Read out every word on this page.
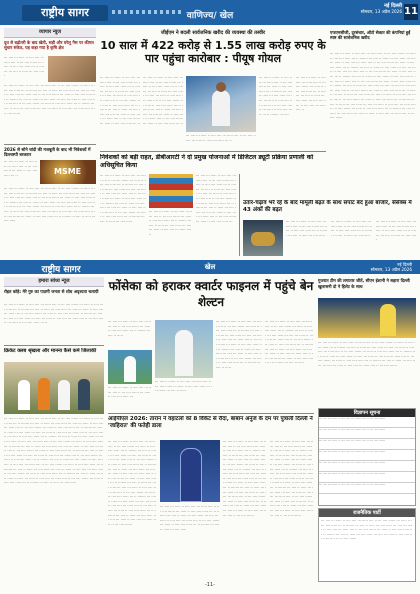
राष्ट्रीय सागर	वाणिज्य/ खेल
नई दिल्ली
सोमवार, 13 अप्रैल 2026 11
व्यापार न्यूज
दूध से बढ़ोतरी के बाद खेती, सड़ी और घरेलू गैस पर कीमत सुधार संकेत, यह कहा गया है कृषि क्षेत्र
··· ···· ··· ····· ·· ···· ···· ··· ····· ···· ·· ··· ···· ······ ··· ····· ·· ···· ···· ····· ··· ·· ······· ··· ···· ·· ····· ··· ···· ·····
··· ···· ··· ····· ·· ···· ···· ··· ····· ···· ·· ··· ···· ······ ··· ····· ·· ···· ···· ····· ··· ·· ······· ··· ···· ·· ····· ··· ···· ····· ··· ···· ··· ····· ·· ···· ···· ··· ····· ···· ·· ··· ···· ······ ··· ····· ·· ···· ···· ····· ··· ·· ······· ··· ···· ·· ····· ··· ···· ····· ··· ···· ··· ····· ·· ···· ···· ··· ····· ···· ·· ··· ···· ······ ··· ····· ·· ···· ···· ····· ··· ·· ······· ··· ···· ·· ····· ··· ···· ····· ··· ···· ··· ····· ·· ···· ···· ··· ····· ···· ·· ··· ···· ······
2026 से सोने चांदी की मजबूती के बाद भी निवेशकों में दिलचस्पी बरकरार
MSME
··· ···· ··· ····· ·· ···· ···· ··· ····· ···· ·· ··· ···· ······ ··· ····· ·· ···· ···· ····· ··· ··
··· ···· ··· ····· ·· ···· ···· ··· ····· ···· ·· ··· ···· ······ ··· ····· ·· ···· ···· ····· ··· ·· ······· ··· ···· ·· ····· ··· ···· ····· ··· ···· ··· ····· ·· ···· ···· ··· ····· ···· ·· ··· ···· ······ ··· ····· ·· ···· ···· ····· ··· ·· ······· ··· ···· ·· ····· ··· ···· ····· ··· ···· ··· ····· ·· ···· ···· ··· ····· ···· ·· ··· ···· ······ ··· ····· ·· ···· ···· ····· ··· ·· ······· ··· ···· ·· ····· ··· ···· ····· ··· ···· ··· ····· ·· ···· ···· ··· ····· ···· ·· ··· ···· ······ ··· ····· ·· ···· ···· ····· ··· ·· ······· ··· ···· ·· ····· ··· ···· ·····
जीईएम ने बदली सार्वजनिक खरीद की व्यवस्था की तस्वीर
10 साल में 422 करोड़ से 1.55 लाख करोड़ रुपए के पार पहुंचा कारोबार : पीयूष गोयल
··· ···· ··· ····· ·· ···· ···· ··· ····· ···· ·· ··· ···· ······ ··· ····· ·· ···· ···· ····· ··· ·· ······· ··· ···· ·· ····· ··· ···· ····· ··· ···· ··· ····· ·· ···· ···· ··· ····· ···· ·· ··· ···· ······ ··· ····· ·· ···· ···· ····· ··· ·· ······· ··· ···· ·· ····· ··· ···· ····· ··· ···· ··· ····· ·· ···· ···· ··· ····· ···· ·· ··· ···· ······ ··· ····· ·· ···· ···· ····· ··· ··
··· ···· ··· ····· ·· ···· ···· ··· ····· ···· ·· ··· ···· ······ ··· ····· ·· ···· ···· ····· ··· ·· ······· ··· ···· ·· ····· ··· ···· ····· ··· ···· ··· ····· ·· ···· ···· ··· ····· ···· ·· ··· ···· ······ ··· ····· ·· ···· ···· ····· ··· ·· ······· ··· ···· ·· ····· ··· ···· ····· ··· ···· ··· ····· ·· ···· ···· ··· ····· ···· ·· ··· ···· ······ ··· ····· ·· ···· ···· ····· ··· ··
··· ···· ··· ····· ·· ···· ···· ··· ····· ···· ·· ··· ···· ······ ··· ····· ·· ···· ···· ····· ··· ··
··· ···· ··· ····· ·· ···· ···· ··· ····· ···· ·· ··· ···· ······ ··· ····· ·· ···· ···· ····· ··· ·· ······· ··· ···· ·· ····· ··· ···· ····· ··· ···· ··· ····· ·· ···· ···· ··· ····· ···· ·· ··· ···· ······ ··· ····· ·· ···· ···· ····· ··· ·· ······· ··· ····
··· ···· ··· ····· ·· ···· ···· ··· ····· ···· ·· ··· ···· ······ ··· ····· ·· ···· ···· ····· ··· ·· ······· ··· ···· ·· ····· ··· ···· ····· ··· ···· ··· ····· ·· ···· ···· ··· ····· ···· ··
एफएमसीजी, दूरसंचार, ऑटो सेक्टर की कंपनियां हुईं स्पष्ट की सार्वजनिक खरीद
··· ···· ··· ····· ·· ···· ···· ··· ····· ···· ·· ··· ···· ······ ··· ····· ·· ···· ···· ····· ··· ·· ······· ··· ···· ·· ····· ··· ···· ····· ··· ···· ··· ····· ·· ···· ···· ··· ····· ···· ·· ··· ···· ······ ··· ····· ·· ···· ···· ····· ··· ·· ······· ··· ···· ·· ····· ··· ···· ····· ··· ···· ··· ····· ·· ···· ···· ··· ····· ···· ·· ··· ···· ······ ··· ····· ·· ···· ···· ····· ··· ·· ······· ··· ···· ·· ····· ··· ···· ····· ··· ···· ··· ····· ·· ···· ···· ··· ····· ···· ·· ··· ···· ······ ··· ····· ·· ···· ···· ····· ··· ·· ······· ··· ···· ·· ····· ··· ···· ····· ··· ···· ··· ····· ·· ···· ···· ··· ····· ···· ·· ··· ···· ······ ··· ····· ·· ···· ···· ····· ··· ·· ······· ··· ···· ·· ····· ··· ···· ····· ··· ···· ··· ····· ·· ···· ···· ··· ····· ···· ·· ··· ···· ······ ··· ····· ·· ···· ···· ····· ··· ·· ······· ··· ···· ·· ····· ··· ···· ····· ··· ···· ··· ····· ·· ···· ···· ··· ····· ···· ·· ··· ···· ······ ··· ····· ·· ···· ···· ····· ··· ·· ······· ··· ···· ·· ····· ··· ···· ····· ··· ···· ··· ····· ·· ···· ···· ··· ····· ···· ·· ··· ···· ······
निवेशकों को बड़ी राहत, डीबीआरटी ने दो प्रमुख योजनाओं में डिजिटल ड्यूटी प्रक्रिया प्रणाली को अधिसूचित किया
··· ···· ··· ····· ·· ···· ···· ··· ····· ···· ·· ··· ···· ······ ··· ····· ·· ···· ···· ····· ··· ·· ······· ··· ···· ·· ····· ··· ···· ····· ··· ···· ··· ····· ·· ···· ···· ··· ····· ···· ·· ··· ···· ······ ··· ····· ·· ···· ···· ····· ··· ·· ······· ··· ···· ·· ····· ··· ···· ····· ··· ···· ··· ····· ·· ···· ···· ··· ····· ···· ·· ··· ···· ······ ··· ····· ·· ···· ···· ····· ··· ·· ······· ··· ···· ·· ····· ··· ···· ·····
··· ···· ··· ····· ·· ···· ···· ··· ····· ···· ·· ··· ···· ······ ··· ····· ·· ···· ···· ····· ··· ·· ······· ··· ···· ·· ····· ··· ···· ····· ··· ···· ··· ····· ·· ···· ···· ··· ····· ···· ··
··· ···· ··· ····· ·· ···· ···· ··· ····· ···· ·· ··· ···· ······ ··· ····· ·· ···· ···· ····· ··· ·· ······· ··· ···· ·· ····· ··· ···· ····· ··· ···· ··· ····· ·· ···· ···· ··· ····· ···· ·· ··· ···· ······ ··· ····· ·· ···· ···· ····· ··· ·· ······· ··· ···· ·· ····· ··· ···· ····· ··· ···· ··· ····· ·· ···· ···· ··· ····· ···· ·· ··· ···· ······ ··· ····· ·· ···· ···· ····· ···
उतार-चढ़ाव भरे रहे के बाद मामूली बढ़त के साथ सपाट बंद हुआ बाजार, सेंसेक्स में 43 अंकों की बढ़त
··· ···· ··· ····· ·· ···· ···· ··· ····· ···· ·· ··· ···· ······ ··· ····· ·· ···· ···· ····· ··· ·· ······· ··· ···· ·· ····· ··· ···· ·····
··· ···· ··· ····· ·· ···· ···· ··· ····· ···· ·· ··· ···· ······ ··· ····· ·· ···· ···· ····· ··· ·· ······· ··· ···· ·· ····· ··· ···· ·····
··· ···· ··· ····· ·· ···· ···· ··· ····· ···· ·· ··· ···· ······ ··· ····· ·· ···· ···· ····· ··· ·· ······· ··· ···· ·· ····· ··· ···· ·····
राष्ट्रीय सागर	खेल	नई दिल्ली
सोमवार, 13 अप्रैल 2026
हमारा सांध्य न्यूज
रोहत कोहे: मेरे गुरु का पाठमी जनता से शोध अदृश्यता चलायी
··· ···· ··· ····· ·· ···· ···· ··· ····· ···· ·· ··· ···· ······ ··· ····· ·· ···· ···· ····· ··· ·· ······· ··· ···· ·· ····· ··· ···· ····· ··· ···· ··· ····· ·· ···· ···· ··· ····· ···· ·· ··· ···· ······ ··· ····· ·· ···· ···· ····· ··· ·· ······· ··· ···· ·· ····· ··· ···· ····· ··· ···· ··· ····· ·· ···· ···· ··· ····· ···· ·· ··· ···· ······ ··· ····· ·· ···· ···· ····· ··· ··
क्रिकेट क्लब श्रृंखला और मानना कैसे कमे जिलाकी
··· ···· ··· ····· ·· ···· ···· ··· ····· ···· ·· ··· ···· ······ ··· ····· ·· ···· ···· ····· ··· ·· ······· ··· ···· ·· ····· ··· ···· ····· ··· ···· ··· ····· ·· ···· ···· ··· ····· ···· ·· ··· ···· ······ ··· ····· ·· ···· ···· ····· ··· ·· ······· ··· ···· ·· ····· ··· ···· ····· ··· ···· ··· ····· ·· ···· ···· ··· ····· ···· ·· ··· ···· ······ ··· ····· ·· ···· ···· ····· ··· ·· ······· ··· ···· ·· ····· ··· ···· ····· ··· ···· ··· ····· ·· ···· ···· ··· ····· ···· ·· ··· ···· ······ ··· ····· ·· ···· ···· ····· ··· ·· ······· ··· ···· ·· ····· ··· ···· ····· ··· ···· ··· ····· ·· ···· ···· ··· ····· ···· ·· ··· ···· ······ ··· ····· ·· ···· ···· ····· ··· ·· ······· ··· ···· ·· ····· ··· ···· ····· ··· ···· ··· ····· ·· ···· ···· ··· ····· ···· ·· ··· ···· ······ ··· ····· ·· ···· ···· ····· ··· ·· ······· ··· ···· ·· ····· ··· ···· ····· ··· ···· ··· ····· ·· ···· ···· ··· ····· ···· ·· ··· ···· ······ ··· ····· ·· ···· ···· ····· ··· ·· ······· ··· ···· ·· ····· ··· ···· ····· ··· ···· ··· ····· ·· ···· ···· ··· ····· ···· ·· ··· ···· ······ ··· ····· ·· ···· ···· ····· ··· ·· ······· ··· ···· ·· ····· ··· ···· ····· ··· ···· ··· ····· ·· ···· ···· ··· ····· ···· ·· ··· ···· ······ ··· ····· ·· ···· ···· ····· ··· ·· ······· ··· ···· ·· ····· ··· ···· ·····
फोंसेका को हराकर क्वार्टर फाइनल में पहुंचे बेन शेल्टन
··· ···· ··· ····· ·· ···· ···· ··· ····· ···· ·· ··· ···· ······ ··· ····· ·· ···· ···· ····· ··· ·· ······· ··· ···· ·· ·····
··· ···· ··· ····· ·· ···· ···· ··· ····· ···· ·· ··· ···· ······ ··· ····· ·· ···· ···· ····· ···
··· ···· ··· ····· ·· ···· ···· ··· ····· ···· ·· ··· ···· ······ ··· ····· ·· ···· ···· ····· ··· ·· ······· ··· ···· ·· ·····
··· ···· ··· ····· ·· ···· ···· ··· ····· ···· ·· ··· ···· ······ ··· ····· ·· ···· ···· ····· ··· ·· ······· ··· ···· ·· ····· ··· ···· ····· ··· ···· ··· ····· ·· ···· ···· ··· ····· ···· ·· ··· ···· ······ ··· ····· ·· ···· ···· ····· ··· ·· ······· ··· ···· ·· ····· ··· ···· ····· ··· ···· ··· ····· ·· ···· ···· ··· ····· ···· ·· ··· ···· ······ ··· ····· ·· ···· ···· ····· ··· ·· ······· ··· ···· ·· ·····
··· ···· ··· ····· ·· ···· ···· ··· ····· ···· ·· ··· ···· ······ ··· ····· ·· ···· ···· ····· ··· ·· ······· ··· ···· ·· ····· ··· ···· ····· ··· ···· ··· ····· ·· ···· ···· ··· ····· ···· ·· ··· ···· ······ ··· ····· ·· ···· ···· ····· ··· ·· ······· ··· ···· ·· ····· ··· ···· ····· ··· ···· ··· ····· ·· ···· ···· ··· ····· ···· ·· ··· ···· ······ ··· ····· ·· ···· ···· ····· ··· ·· ······· ··· ···· ·· ·····
गुजरात टीम की लगातार जीतें, सीएन ईशानी ने सहारा दिल्ली खुलासनी दो ने हिलेट के साथ
··· ···· ··· ····· ·· ···· ···· ··· ····· ···· ·· ··· ···· ······ ··· ····· ·· ···· ···· ····· ··· ·· ······· ··· ···· ·· ····· ··· ···· ····· ··· ···· ··· ····· ·· ···· ···· ··· ····· ···· ·· ··· ···· ······ ··· ····· ·· ···· ···· ····· ··· ·· ······· ··· ···· ·· ····· ··· ···· ····· ··· ···· ··· ····· ·· ···· ···· ··· ····· ···· ·· ··· ···· ······ ··· ····· ·· ···· ···· ····· ··· ·· ······· ··· ···· ·· ····· ··· ···· ····· ··· ···· ··· ····· ·· ···· ···· ··· ····· ···· ·· ··· ···· ······
विज्ञापन सूचना
··· ···· ··· ····· ·· ···· ···· ··· ····· ···· ·· ··· ···· ······
··· ···· ··· ····· ·· ···· ···· ··· ····· ···· ·· ··· ···· ······
··· ···· ··· ····· ·· ···· ···· ··· ····· ···· ·· ··· ···· ······
··· ···· ··· ····· ·· ···· ···· ··· ····· ···· ·· ··· ···· ······
··· ···· ··· ····· ·· ···· ···· ··· ····· ···· ·· ··· ···· ······
··· ···· ··· ····· ·· ···· ···· ··· ····· ···· ·· ··· ···· ······
··· ···· ··· ····· ·· ···· ···· ··· ····· ···· ·· ··· ···· ······
राजनैतिक पार्टी
··· ···· ··· ····· ·· ···· ···· ··· ····· ···· ·· ··· ···· ······ ··· ····· ·· ···· ···· ····· ··· ·· ······· ··· ···· ·· ····· ··· ···· ····· ··· ···· ··· ····· ·· ···· ···· ··· ····· ···· ·· ··· ···· ······ ··· ····· ·· ···· ···· ····· ··· ·· ······· ··· ···· ·· ····· ··· ···· ····· ··· ···· ··· ····· ·· ···· ···· ··· ····· ···· ·· ··· ···· ······
आईपीएल 2026: तारान ने वहाटलों को 8 विकेट से रौंदा, बाबान अनुज के दम पर पुत्राली दिल्ली ने 'जाहिरात' की फतेही डाला
··· ···· ··· ····· ·· ···· ···· ··· ····· ···· ·· ··· ···· ······ ··· ····· ·· ···· ···· ····· ··· ·· ······· ··· ···· ·· ····· ··· ···· ····· ··· ···· ··· ····· ·· ···· ···· ··· ····· ···· ·· ··· ···· ······ ··· ····· ·· ···· ···· ····· ··· ·· ······· ··· ···· ·· ····· ··· ···· ····· ··· ···· ··· ····· ·· ···· ···· ··· ····· ···· ·· ··· ···· ······ ··· ····· ·· ···· ···· ····· ··· ·· ······· ··· ···· ·· ····· ··· ···· ····· ··· ···· ··· ····· ·· ···· ···· ··· ····· ···· ·· ··· ···· ······ ··· ····· ·· ···· ···· ····· ··· ·· ······· ··· ···· ·· ····· ··· ···· ····· ··· ···· ··· ····· ·· ···· ···· ··· ····· ···· ·· ··· ···· ······ ··· ····· ·· ···· ···· ····· ··· ·· ······· ··· ···· ·· ····· ··· ···· ····· ··· ···· ··· ····· ·· ···· ···· ··· ····· ···· ·· ··· ···· ······
··· ···· ··· ····· ·· ···· ···· ··· ····· ···· ·· ··· ···· ······ ··· ····· ·· ···· ···· ····· ··· ·· ······· ··· ···· ·· ····· ··· ···· ····· ··· ···· ··· ····· ·· ···· ···· ··· ····· ···· ·· ··· ···· ······ ··· ····· ·· ···· ···· ····· ··· ·· ······· ··· ···· ·· ····· ··· ···· ·····
··· ···· ··· ····· ·· ···· ···· ··· ····· ···· ·· ··· ···· ······ ··· ····· ·· ···· ···· ····· ··· ·· ······· ··· ···· ·· ····· ··· ···· ····· ··· ···· ··· ····· ·· ···· ···· ··· ····· ···· ·· ··· ···· ······ ··· ····· ·· ···· ···· ····· ··· ·· ······· ··· ···· ·· ····· ··· ···· ····· ··· ···· ··· ····· ·· ···· ···· ··· ····· ···· ·· ··· ···· ······ ··· ····· ·· ···· ···· ····· ··· ·· ······· ··· ···· ·· ····· ··· ···· ····· ··· ···· ··· ····· ·· ···· ···· ··· ····· ···· ·· ··· ···· ······ ··· ····· ·· ···· ···· ····· ··· ·· ······· ··· ···· ·· ····· ··· ···· ····· ··· ···· ··· ····· ·· ···· ···· ··· ····· ···· ·· ··· ···· ······
··· ···· ··· ····· ·· ···· ···· ··· ····· ···· ·· ··· ···· ······ ··· ····· ·· ···· ···· ····· ··· ·· ······· ··· ···· ·· ····· ··· ···· ····· ··· ···· ··· ····· ·· ···· ···· ··· ····· ···· ·· ··· ···· ······ ··· ····· ·· ···· ···· ····· ··· ·· ······· ··· ···· ·· ····· ··· ···· ····· ··· ···· ··· ····· ·· ···· ···· ··· ····· ···· ·· ··· ···· ······ ··· ····· ·· ···· ···· ····· ··· ·· ······· ··· ···· ·· ····· ··· ···· ····· ··· ···· ··· ····· ·· ···· ···· ··· ····· ···· ·· ··· ···· ······ ··· ····· ·· ···· ···· ····· ··· ·· ······· ··· ···· ·· ····· ··· ···· ····· ··· ···· ··· ····· ·· ···· ···· ··· ····· ···· ·· ··· ···· ······
-11-
